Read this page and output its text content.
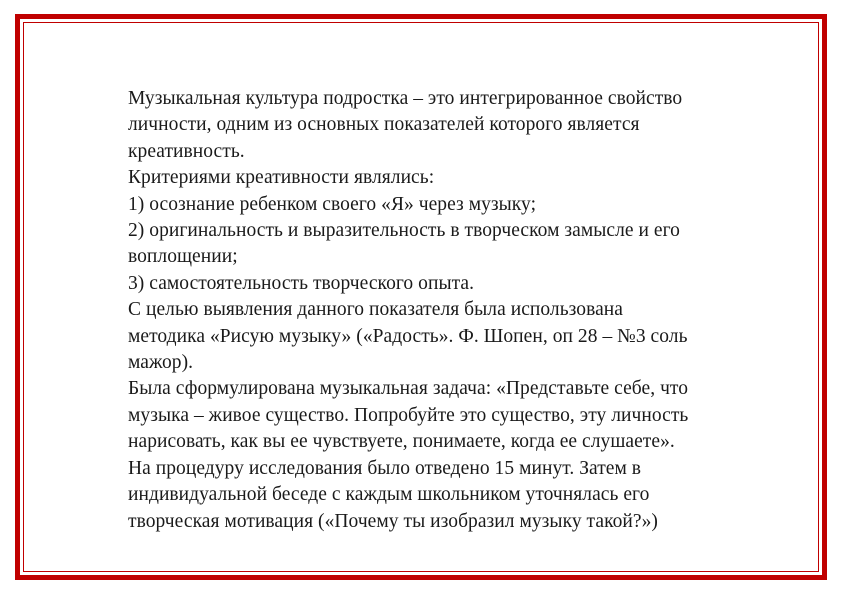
Музыкальная культура подростка – это интегрированное свойство
личности, одним из основных показателей которого является
креативность.
Критериями креативности являлись:
1) осознание ребенком своего «Я» через музыку;
2) оригинальность и выразительность в творческом замысле и его
воплощении;
3) самостоятельность творческого опыта.
С целью выявления данного показателя была использована
методика «Рисую музыку» («Радость». Ф. Шопен, оп 28 – №3 соль
мажор).
Была сформулирована музыкальная задача: «Представьте себе, что
музыка – живое существо. Попробуйте это существо, эту личность
нарисовать, как вы ее чувствуете, понимаете, когда ее слушаете».
На процедуру исследования было отведено 15 минут. Затем в
индивидуальной беседе с каждым школьником уточнялась его
творческая мотивация («Почему ты изобразил музыку такой?»)
